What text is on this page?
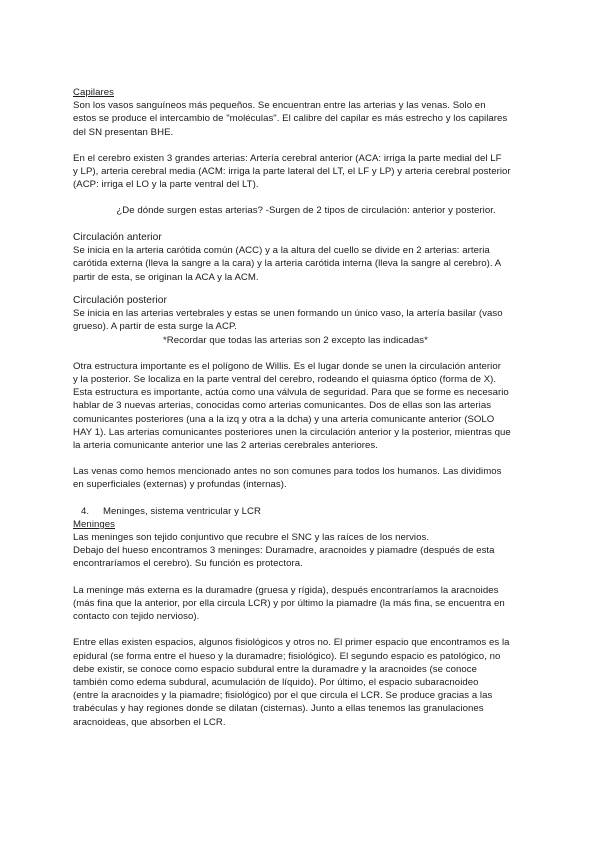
Capilares

Son los vasos sanguíneos más pequeños. Se encuentran entre las arterias y las venas. Solo en

estos se produce el intercambio de "moléculas". El calibre del capilar es más estrecho y los capilares

del SN presentan BHE.

En el cerebro existen 3 grandes arterias: Artería cerebral anterior (ACA: irriga la parte medial del LF

y LP), arteria cerebral media (ACM: irriga la parte lateral del LT, el LF y LP) y arteria cerebral posterior

(ACP: irriga el LO y la parte ventral del LT).

¿De dónde surgen estas arterias? -Surgen de 2 tipos de circulación: anterior y posterior.

Circulación anterior

Se inicia en la arteria carótida común (ACC) y a la altura del cuello se divide en 2 arterias: arteria

carótida externa (lleva la sangre a la cara) y la arteria carótida interna (lleva la sangre al cerebro). A

partir de esta, se originan la ACA y la ACM.

Circulación posterior

Se inicia en las arterias vertebrales y estas se unen formando un único vaso, la artería basilar (vaso

grueso). A partir de esta surge la ACP.

*Recordar que todas las arterias son 2 excepto las indicadas*

Otra estructura importante es el polígono de Willis. Es el lugar donde se unen la circulación anterior

y la posterior. Se localiza en la parte ventral del cerebro, rodeando el quiasma óptico (forma de X).

Esta estructura es importante, actúa como una válvula de seguridad. Para que se forme es necesario

hablar de 3 nuevas arterias, conocidas como arterias comunicantes. Dos de ellas son las arterias

comunicantes posteriores (una a la izq y otra a la dcha) y una arteria comunicante anterior (SOLO

HAY 1). Las arterias comunicantes posteriores unen la circulación anterior y la posterior, mientras que

la arteria comunicante anterior une las 2 arterias cerebrales anteriores.

Las venas como hemos mencionado antes no son comunes para todos los humanos. Las dividimos

en superficiales (externas) y profundas (internas).

4. Meninges, sistema ventricular y LCR

Meninges

Las meninges son tejido conjuntivo que recubre el SNC y las raíces de los nervios.

Debajo del hueso encontramos 3 meninges: Duramadre, aracnoides y piamadre (después de esta

encontraríamos el cerebro). Su función es protectora.

La meninge más externa es la duramadre (gruesa y rígida), después encontraríamos la aracnoides

(más fina que la anterior, por ella circula LCR) y por último la piamadre (la más fina, se encuentra en

contacto con tejido nervioso).

Entre ellas existen espacios, algunos fisiológicos y otros no. El primer espacio que encontramos es la

epidural (se forma entre el hueso y la duramadre; fisiológico). El segundo espacio es patológico, no

debe existir, se conoce como espacio subdural entre la duramadre y la aracnoides (se conoce

también como edema subdural, acumulación de líquido). Por último, el espacio subaracnoideo

(entre la aracnoides y la piamadre; fisiológico) por el que circula el LCR. Se produce gracias a las

trabéculas y hay regiones donde se dilatan (cisternas). Junto a ellas tenemos las granulaciones

aracnoideas, que absorben el LCR.
